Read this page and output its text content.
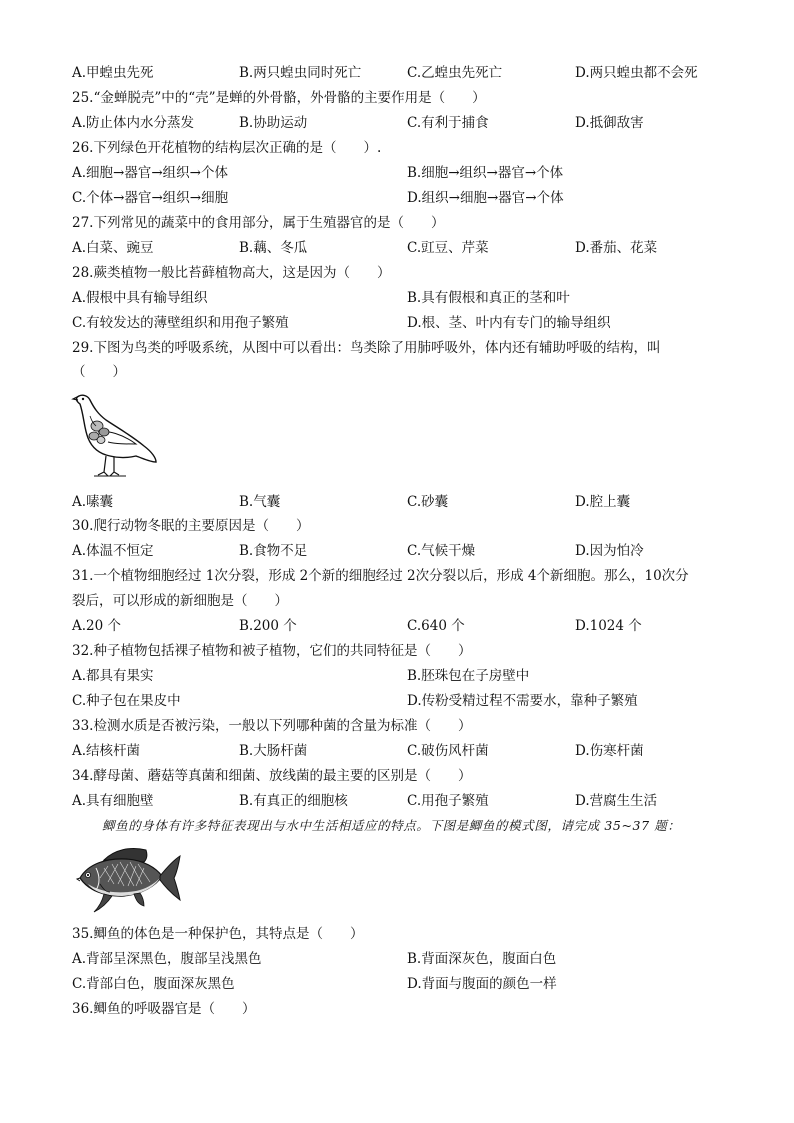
A.甲蝗虫先死	B.两只蝗虫同时死亡	C.乙蝗虫先死亡	D.两只蝗虫都不会死
25.“金蝉脱壳”中的“壳”是蝉的外骨骼，外骨骼的主要作用是（　　）
A.防止体内水分蒸发	B.协助运动	C.有利于捕食	D.抵御敌害
26.下列绿色开花植物的结构层次正确的是（　　）.
A.细胞→器官→组织→个体	B.细胞→组织→器官→个体
C.个体→器官→组织→细胞	D.组织→细胞→器官→个体
27.下列常见的蔬菜中的食用部分，属于生殖器官的是（　　）
A.白菜、豌豆	B.藕、冬瓜	C.豇豆、芹菜	D.番茄、花菜
28.蕨类植物一般比苔藓植物高大，这是因为（　　）
A.假根中具有输导组织	B.具有假根和真正的茎和叶
C.有较发达的薄壁组织和用孢子繁殖	D.根、茎、叶内有专门的输导组织
29.下图为鸟类的呼吸系统，从图中可以看出：鸟类除了用肺呼吸外，体内还有辅助呼吸的结构，叫
（　　）
A.嗉囊	B.气囊	C.砂囊	D.腔上囊
30.爬行动物冬眠的主要原因是（　　）
A.体温不恒定	B.食物不足	C.气候干燥	D.因为怕冷
31.一个植物细胞经过 1次分裂，形成 2个新的细胞经过 2次分裂以后，形成 4个新细胞。那么，10次分
裂后，可以形成的新细胞是（　　）
A.20 个	B.200 个	C.640 个	D.1024 个
32.种子植物包括裸子植物和被子植物，它们的共同特征是（　　）
A.都具有果实	B.胚珠包在子房壁中
C.种子包在果皮中	D.传粉受精过程不需要水，靠种子繁殖
33.检测水质是否被污染，一般以下列哪种菌的含量为标准（　　）
A.结核杆菌	B.大肠杆菌	C.破伤风杆菌	D.伤寒杆菌
34.酵母菌、蘑菇等真菌和细菌、放线菌的最主要的区别是（　　）
A.具有细胞壁	B.有真正的细胞核	C.用孢子繁殖	D.营腐生生活
鲫鱼的身体有许多特征表现出与水中生活相适应的特点。下图是鲫鱼的模式图，请完成 35~37 题：
35.鲫鱼的体色是一种保护色，其特点是（　　）
A.背部呈深黑色，腹部呈浅黑色	B.背面深灰色，腹面白色
C.背部白色，腹面深灰黑色	D.背面与腹面的颜色一样
36.鲫鱼的呼吸器官是（　　）
